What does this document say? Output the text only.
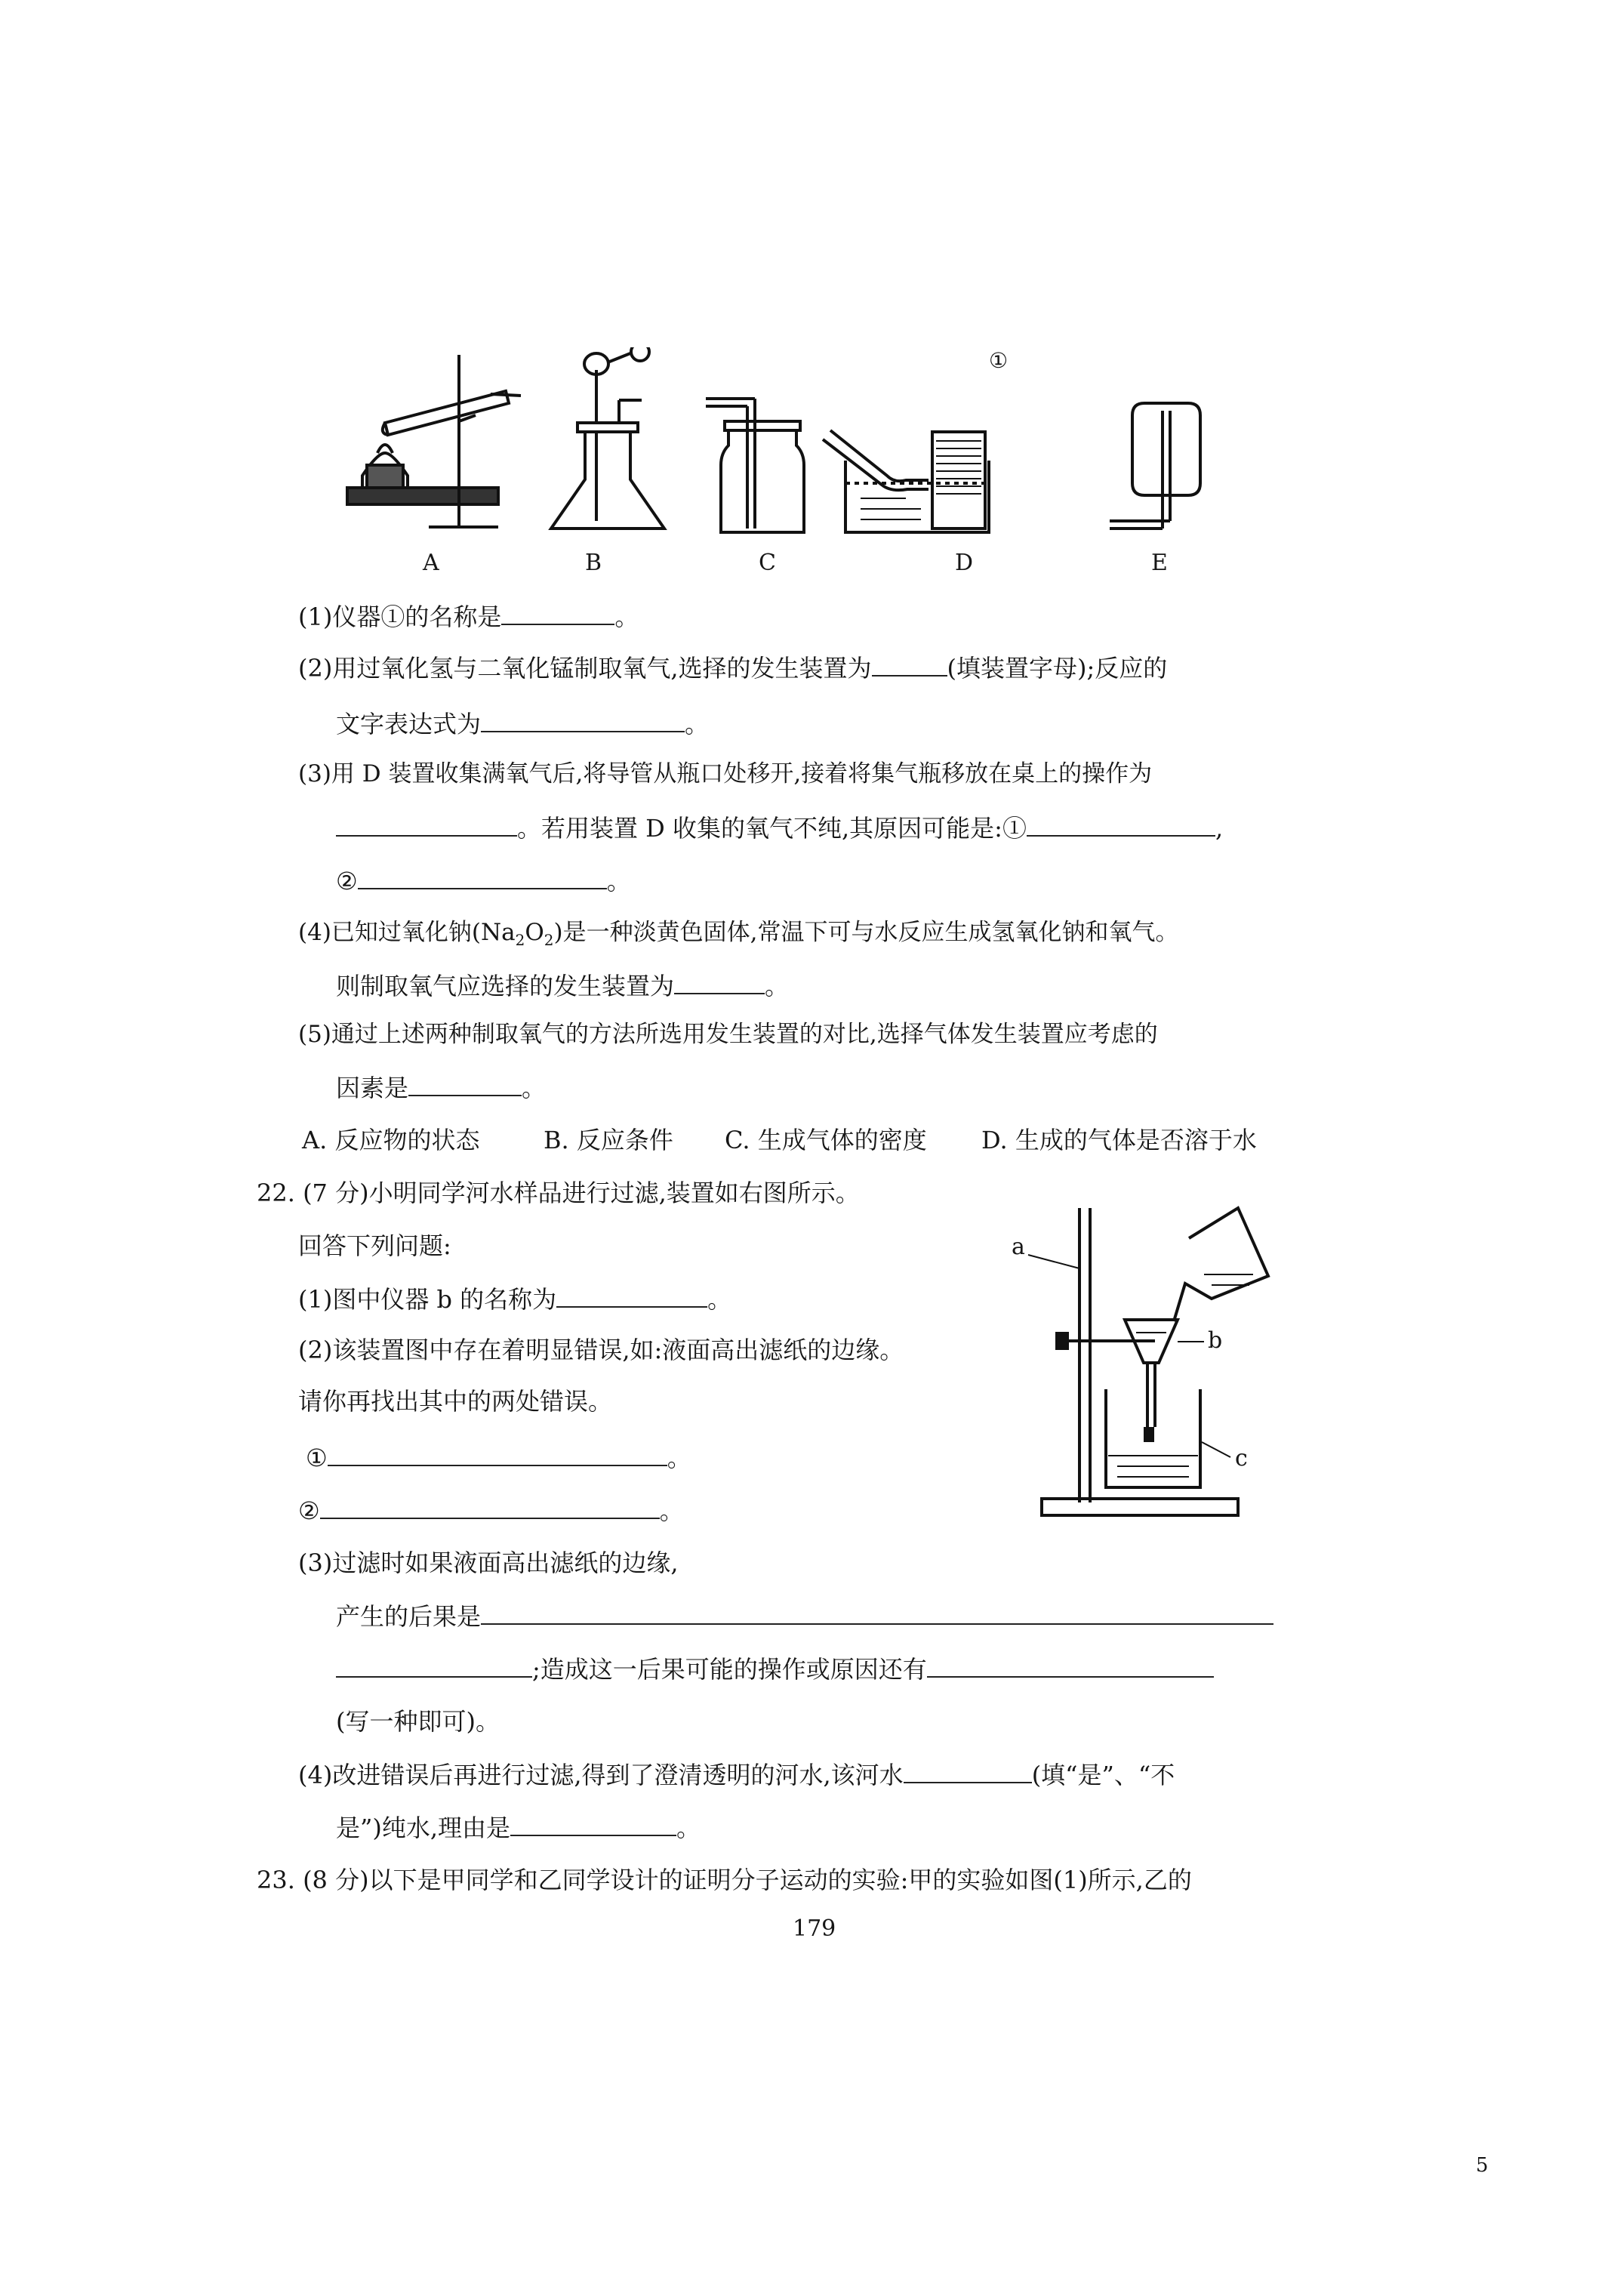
A	B	C	D	E
①
(1)仪器①的名称是	。
(2)用过氧化氢与二氧化锰制取氧气,选择的发生装置为	(填装置字母);反应的
文字表达式为	。
(3)用 D 装置收集满氧气后,将导管从瓶口处移开,接着将集气瓶移放在桌上的操作为
。若用装置 D 收集的氧气不纯,其原因可能是:①	,
②	。
(4)已知过氧化钠$(Na_2O_2)$是一种淡黄色固体,常温下可与水反应生成氢氧化钠和氧气。
则制取氧气应选择的发生装置为	。
(5)通过上述两种制取氧气的方法所选用发生装置的对比,选择气体发生装置应考虑的
因素是	。
A. 反应物的状态	B. 反应条件 C. 生成气体的密度 D. 生成的气体是否溶于水
22. (7 分)小明同学河水样品进行过滤,装置如右图所示。
回答下列问题:
(1)图中仪器 b 的名称为	。
(2)该装置图中存在着明显错误,如:液面高出滤纸的边缘。
请你再找出其中的两处错误。
①	。
②	。
(3)过滤时如果液面高出滤纸的边缘,
产生的后果是
;造成这一后果可能的操作或原因还有
(写一种即可)。
(4)改进错误后再进行过滤,得到了澄清透明的河水,该河水	(填“是”、“不
是”)纯水,理由是	。
a
b
c
23. (8 分)以下是甲同学和乙同学设计的证明分子运动的实验:甲的实验如图(1)所示,乙的
179
5
